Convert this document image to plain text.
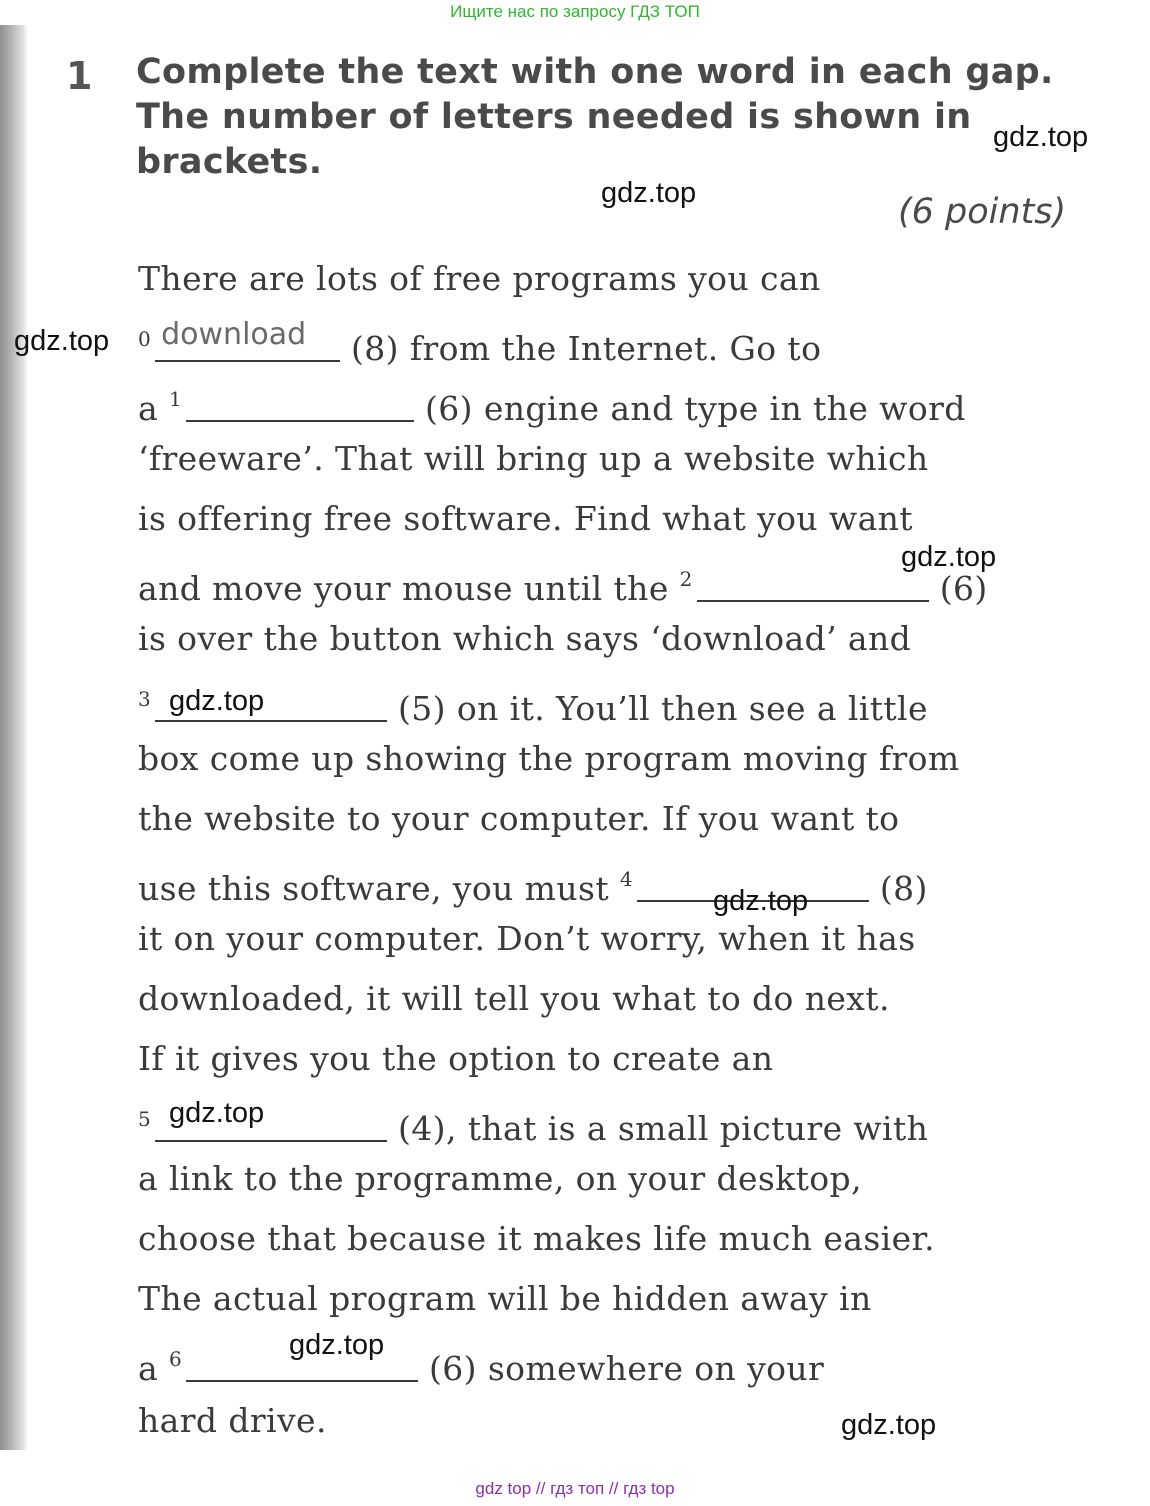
Ищите нас по запросу ГДЗ ТОП
1 Complete the text with one word in each gap. The number of letters needed is shown in brackets.
(6 points)
There are lots of free programs you can
$^0$ download (8) from the Internet. Go to
a $^1$	(6) engine and type in the word
‘freeware’. That will bring up a website which
is offering free software. Find what you want
and move your mouse until the $^2$	(6)
is over the button which says ‘download’ and
$^3$	(5) on it. You’ll then see a little
box come up showing the program moving from
the website to your computer. If you want to
use this software, you must $^4$	(8)
it on your computer. Don’t worry, when it has
downloaded, it will tell you what to do next.
If it gives you the option to create an
$^5$	(4), that is a small picture with
a link to the programme, on your desktop,
choose that because it makes life much easier.
The actual program will be hidden away in
a $^6$	(6) somewhere on your
hard drive.
gdz.top
gdz.top
gdz.top
gdz.top
gdz.top
gdz.top
gdz.top
gdz.top
gdz.top
gdz top // гдз топ // гдз top
